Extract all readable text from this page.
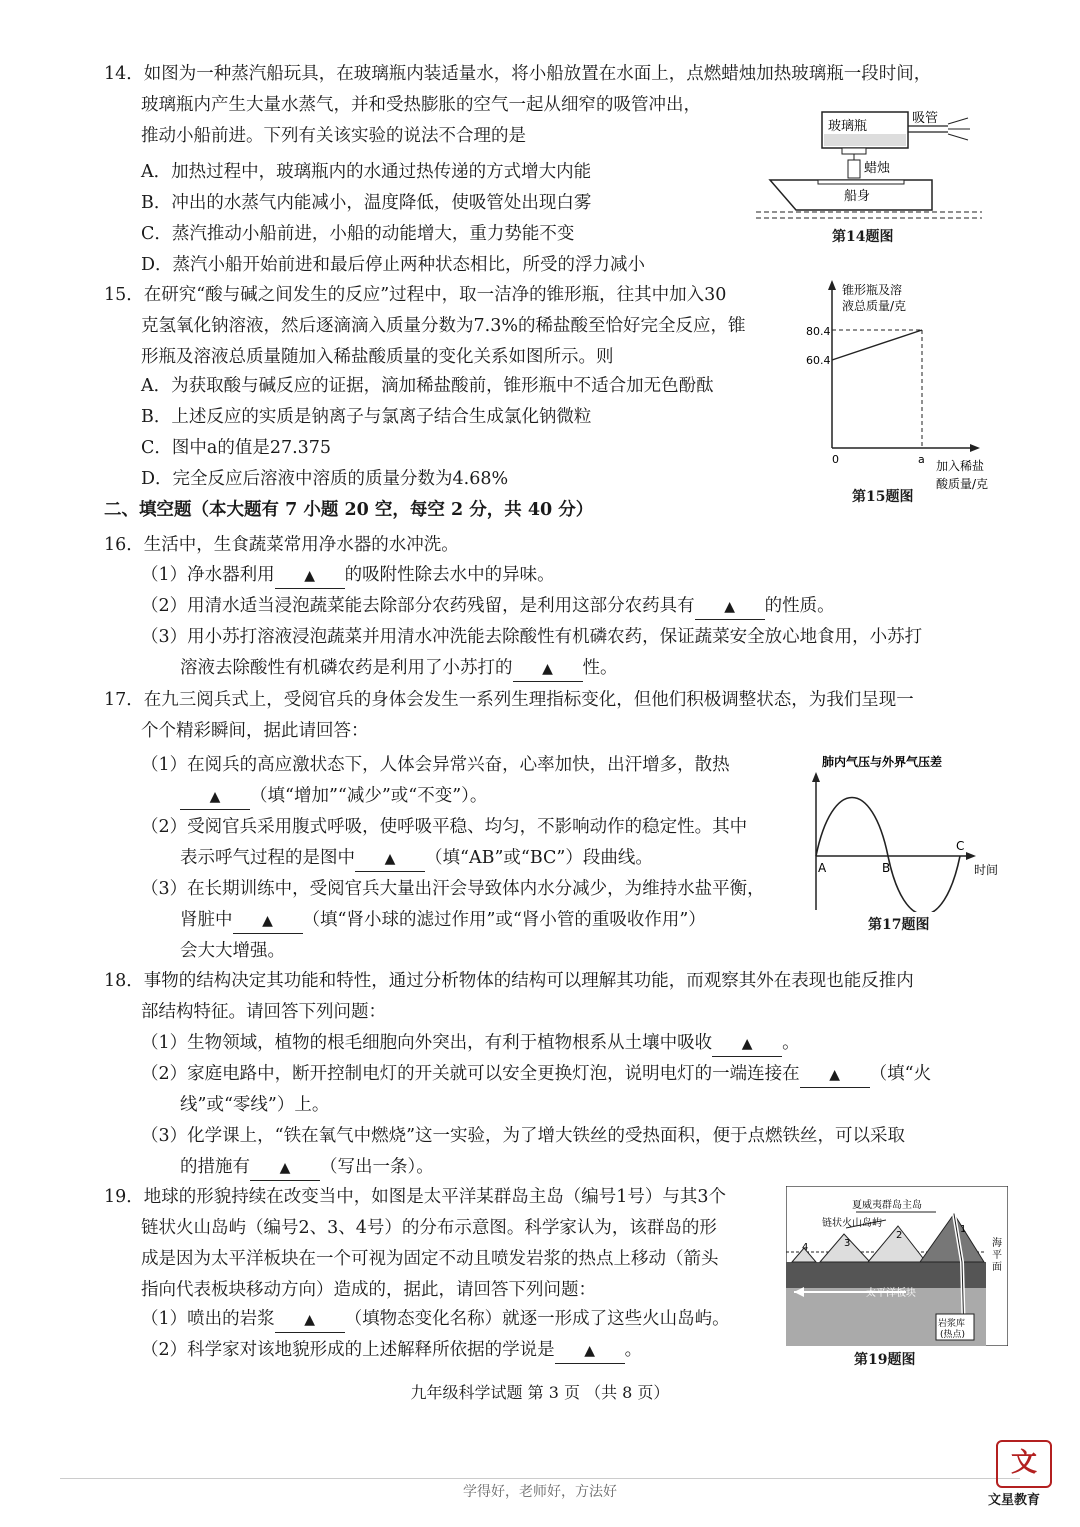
14．如图为一种蒸汽船玩具，在玻璃瓶内装适量水，将小船放置在水面上，点燃蜡烛加热玻璃瓶一段时间，
玻璃瓶内产生大量水蒸气，并和受热膨胀的空气一起从细窄的吸管冲出，
推动小船前进。下列有关该实验的说法不合理的是
A．加热过程中，玻璃瓶内的水通过热传递的方式增大内能
B．冲出的水蒸气内能减小，温度降低，使吸管处出现白雾
C．蒸汽推动小船前进，小船的动能增大，重力势能不变
D．蒸汽小船开始前进和最后停止两种状态相比，所受的浮力减小
玻璃瓶
吸管
蜡烛
船身
第14题图
15．在研究“酸与碱之间发生的反应”过程中，取一洁净的锥形瓶，往其中加入30
克氢氧化钠溶液，然后逐滴滴入质量分数为7.3%的稀盐酸至恰好完全反应，锥
形瓶及溶液总质量随加入稀盐酸质量的变化关系如图所示。则
A．为获取酸与碱反应的证据，滴加稀盐酸前，锥形瓶中不适合加无色酚酞
B．上述反应的实质是钠离子与氯离子结合生成氯化钠微粒
C．图中a的值是27.375
D．完全反应后溶液中溶质的质量分数为4.68%
锥形瓶及溶
液总质量/克
80.4
60.4
0	a 加入稀盐
酸质量/克
第15题图
二、填空题（本大题有 7 小题 20 空，每空 2 分，共 40 分）
16．生活中，生食蔬菜常用净水器的水冲洗。
（1）净水器利用 ▲ 的吸附性除去水中的异味。
（2）用清水适当浸泡蔬菜能去除部分农药残留，是利用这部分农药具有 ▲ 的性质。
（3）用小苏打溶液浸泡蔬菜并用清水冲洗能去除酸性有机磷农药，保证蔬菜安全放心地食用，小苏打
溶液去除酸性有机磷农药是利用了小苏打的 ▲ 性。
17．在九三阅兵式上，受阅官兵的身体会发生一系列生理指标变化，但他们积极调整状态，为我们呈现一
个个精彩瞬间，据此请回答：
（1）在阅兵的高应激状态下，人体会异常兴奋，心率加快，出汗增多，散热
▲ （填“增加”“减少”或“不变”）。
（2）受阅官兵采用腹式呼吸，使呼吸平稳、均匀，不影响动作的稳定性。其中
表示呼气过程的是图中 ▲ （填“AB”或“BC”）段曲线。
（3）在长期训练中，受阅官兵大量出汗会导致体内水分减少，为维持水盐平衡，
肾脏中 ▲ （填“肾小球的滤过作用”或“肾小管的重吸收作用”）
会大大增强。
肺内气压与外界气压差
A	B
C
时间
第17题图
18．事物的结构决定其功能和特性，通过分析物体的结构可以理解其功能，而观察其外在表现也能反推内
部结构特征。请回答下列问题：
（1）生物领域，植物的根毛细胞向外突出，有利于植物根系从土壤中吸收 ▲ 。
（2）家庭电路中，断开控制电灯的开关就可以安全更换灯泡，说明电灯的一端连接在 ▲ （填“火
线”或“零线”）上。
（3）化学课上，“铁在氧气中燃烧”这一实验，为了增大铁丝的受热面积，便于点燃铁丝，可以采取
的措施有 ▲ （写出一条）。
19．地球的形貌持续在改变当中，如图是太平洋某群岛主岛（编号1号）与其3个
链状火山岛屿（编号2、3、4号）的分布示意图。科学家认为，该群岛的形
成是因为太平洋板块在一个可视为固定不动且喷发岩浆的热点上移动（箭头
指向代表板块移动方向）造成的，据此，请回答下列问题：
（1）喷出的岩浆 ▲ （填物态变化名称）就逐一形成了这些火山岛屿。
（2）科学家对该地貌形成的上述解释所依据的学说是 ▲ 。
夏威夷群岛主岛
链状火山岛屿
太平洋板块
岩浆库
(热点)
海
平
面
1
2
3
4
第19题图
九年级科学试题 第 3 页 （共 8 页）
学得好，老师好，方法好
文
文星教育
